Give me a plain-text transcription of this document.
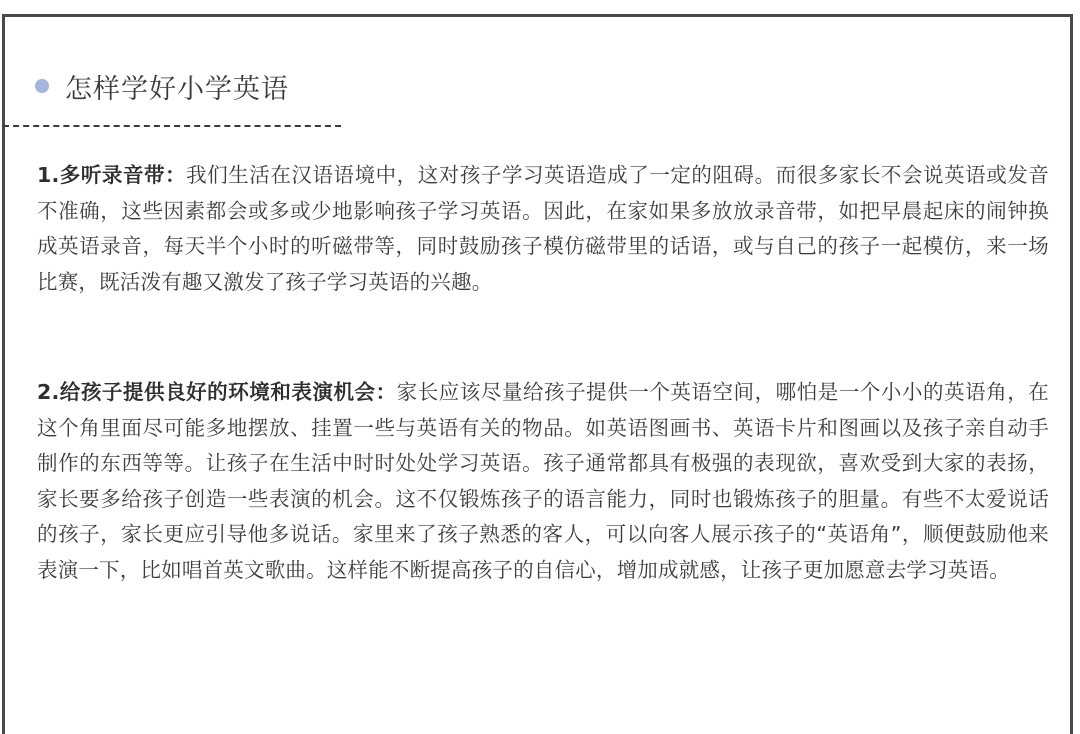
怎样学好小学英语

1.多听录音带：我们生活在汉语语境中，这对孩子学习英语造成了一定的阻碍。而很多家长不会说英语或发音不准确，这些因素都会或多或少地影响孩子学习英语。因此，在家如果多放放录音带，如把早晨起床的闹钟换成英语录音，每天半个小时的听磁带等，同时鼓励孩子模仿磁带里的话语，或与自己的孩子一起模仿，来一场比赛，既活泼有趣又激发了孩子学习英语的兴趣。

2.给孩子提供良好的环境和表演机会：家长应该尽量给孩子提供一个英语空间，哪怕是一个小小的英语角，在这个角里面尽可能多地摆放、挂置一些与英语有关的物品。如英语图画书、英语卡片和图画以及孩子亲自动手制作的东西等等。让孩子在生活中时时处处学习英语。孩子通常都具有极强的表现欲，喜欢受到大家的表扬，家长要多给孩子创造一些表演的机会。这不仅锻炼孩子的语言能力，同时也锻炼孩子的胆量。有些不太爱说话的孩子，家长更应引导他多说话。家里来了孩子熟悉的客人，可以向客人展示孩子的“英语角”，顺便鼓励他来表演一下，比如唱首英文歌曲。这样能不断提高孩子的自信心，增加成就感，让孩子更加愿意去学习英语。
